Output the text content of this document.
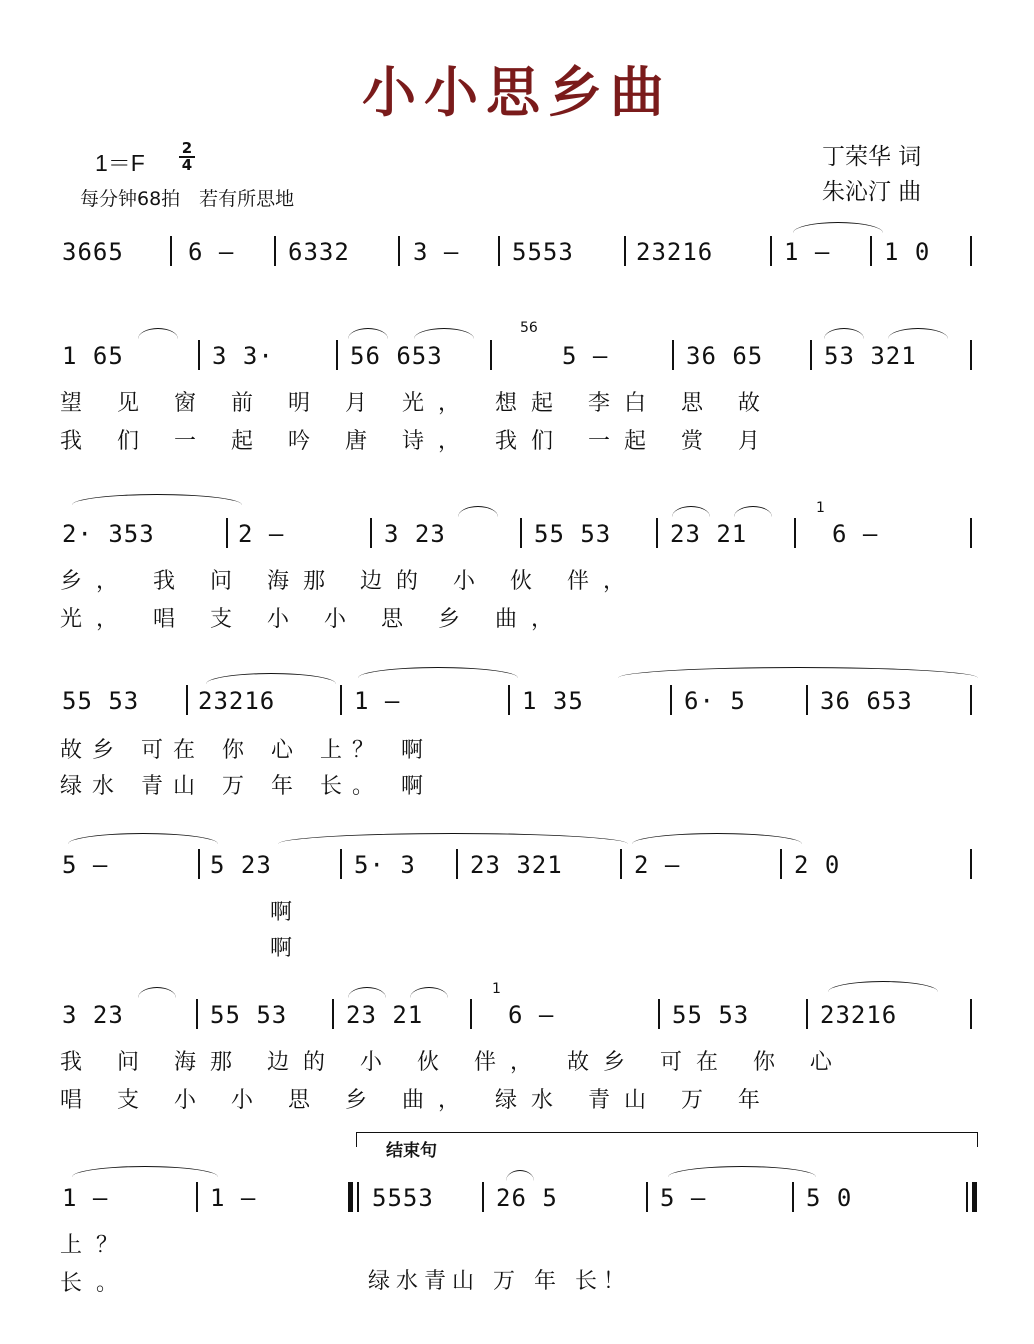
小小思乡曲
1＝F
2
4
每分钟68拍　若有所思地
丁荣华 词
朱沁汀 曲
3665	6 – 6332	3 – 5553	23216	1 – 1 0
1 65	3 3·	56 653
56
5 –	36 65	53 321
望 见 窗 前 明 月 光， 想起 李白 思 故
我 们 一 起 吟 唐 诗， 我们 一起 赏 月
2· 353	2 –	3 23	55 53 23 21
1
6 –
乡， 我 问 海那 边的 小 伙 伴，
光， 唱 支 小 小 思 乡 曲，
55 53 23216	1 –	1 35	6· 5	36 653
故乡 可在 你 心 上？ 啊
绿水 青山 万 年 长。 啊
5 –	5 23	5· 3 23 321	2 –	2 0
啊
啊
3 23	55 53 23 21
1
6 –	55 53	23216
我 问 海那 边的 小 伙 伴， 故乡 可在 你 心
唱 支 小 小 思 乡 曲， 绿水 青山 万 年
结束句
1 –	1 –	5553	26 5	5 –	5 0
上？
长。	绿水青山 万 年 长！
